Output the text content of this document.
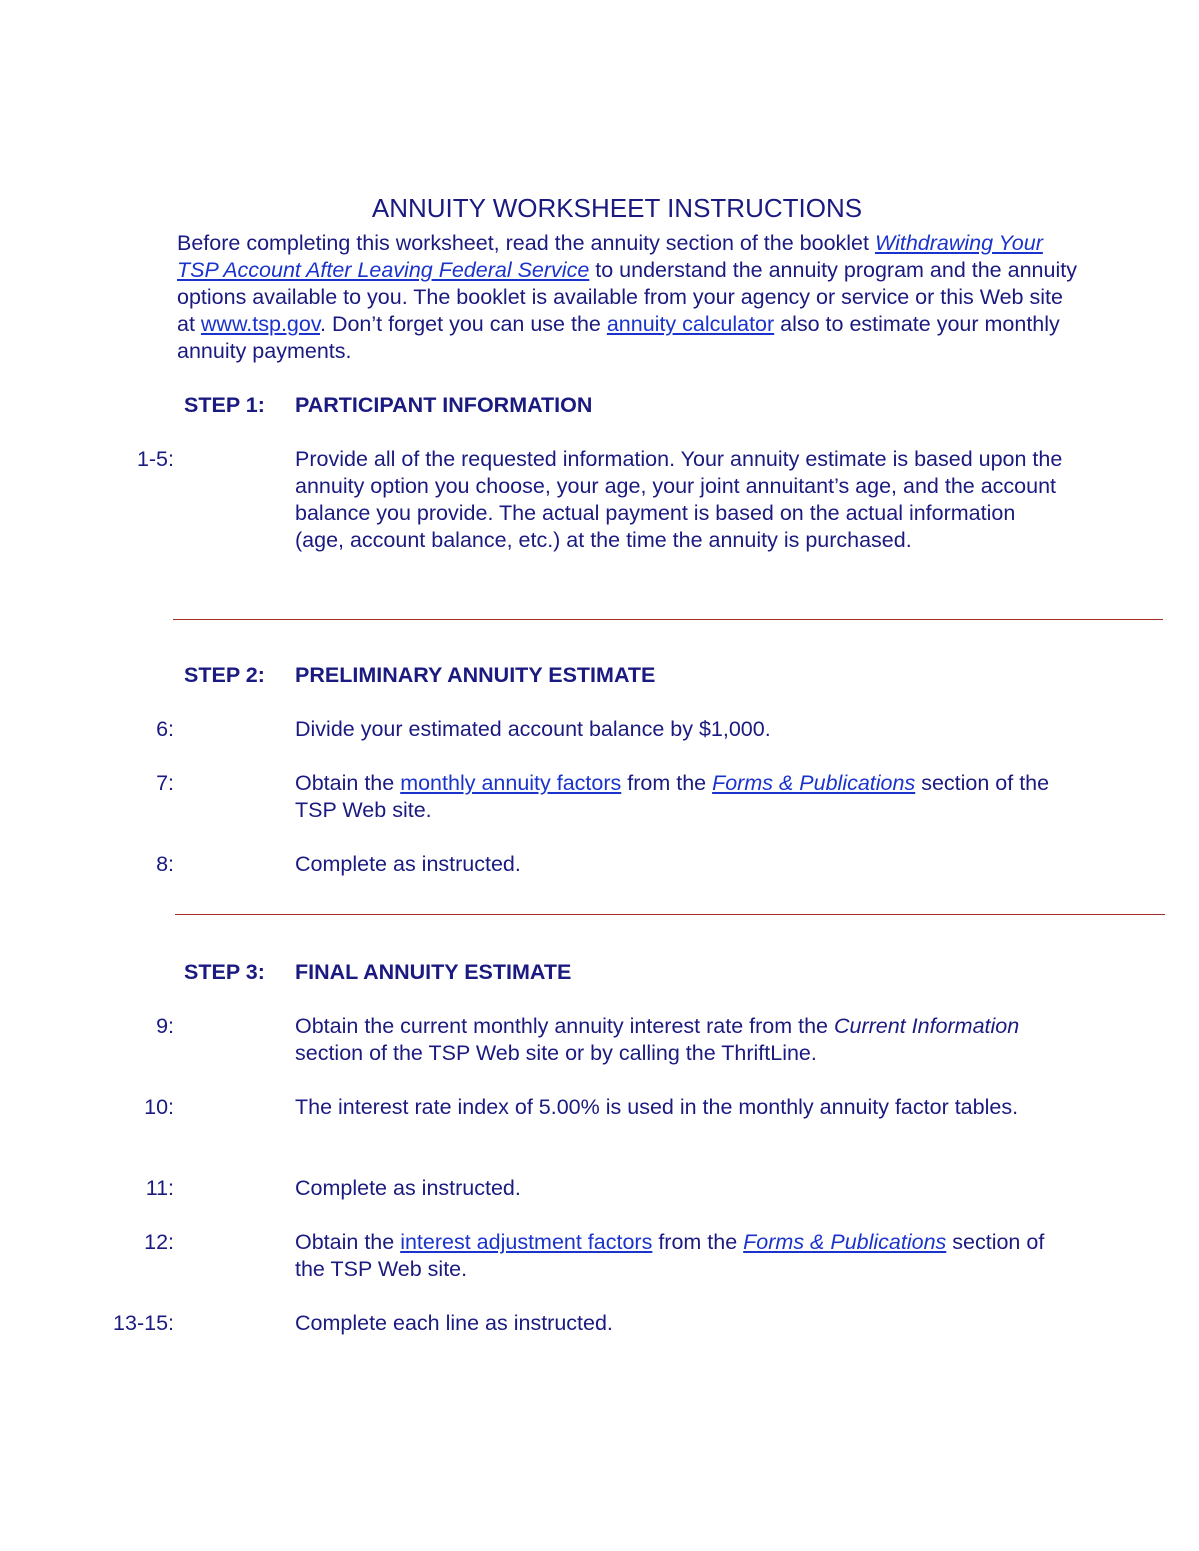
ANNUITY WORKSHEET INSTRUCTIONS
Before completing this worksheet, read the annuity section of the booklet Withdrawing Your TSP Account After Leaving Federal Service to understand the annuity program and the annuity options available to you. The booklet is available from your agency or service or this Web site at www.tsp.gov. Don’t forget you can use the annuity calculator also to estimate your monthly annuity payments.
STEP 1: PARTICIPANT INFORMATION
1-5:	Provide all of the requested information. Your annuity estimate is based upon the annuity option you choose, your age, your joint annuitant’s age, and the account balance you provide. The actual payment is based on the actual information (age, account balance, etc.) at the time the annuity is purchased.
STEP 2: PRELIMINARY ANNUITY ESTIMATE
6:	Divide your estimated account balance by $1,000.
7:	Obtain the monthly annuity factors from the Forms & Publications section of the TSP Web site.
8:	Complete as instructed.
STEP 3: FINAL ANNUITY ESTIMATE
9:	Obtain the current monthly annuity interest rate from the Current Information section of the TSP Web site or by calling the ThriftLine.
10:	The interest rate index of 5.00% is used in the monthly annuity factor tables.
11:	Complete as instructed.
12:	Obtain the interest adjustment factors from the Forms & Publications section of the TSP Web site.
13-15:	Complete each line as instructed.
